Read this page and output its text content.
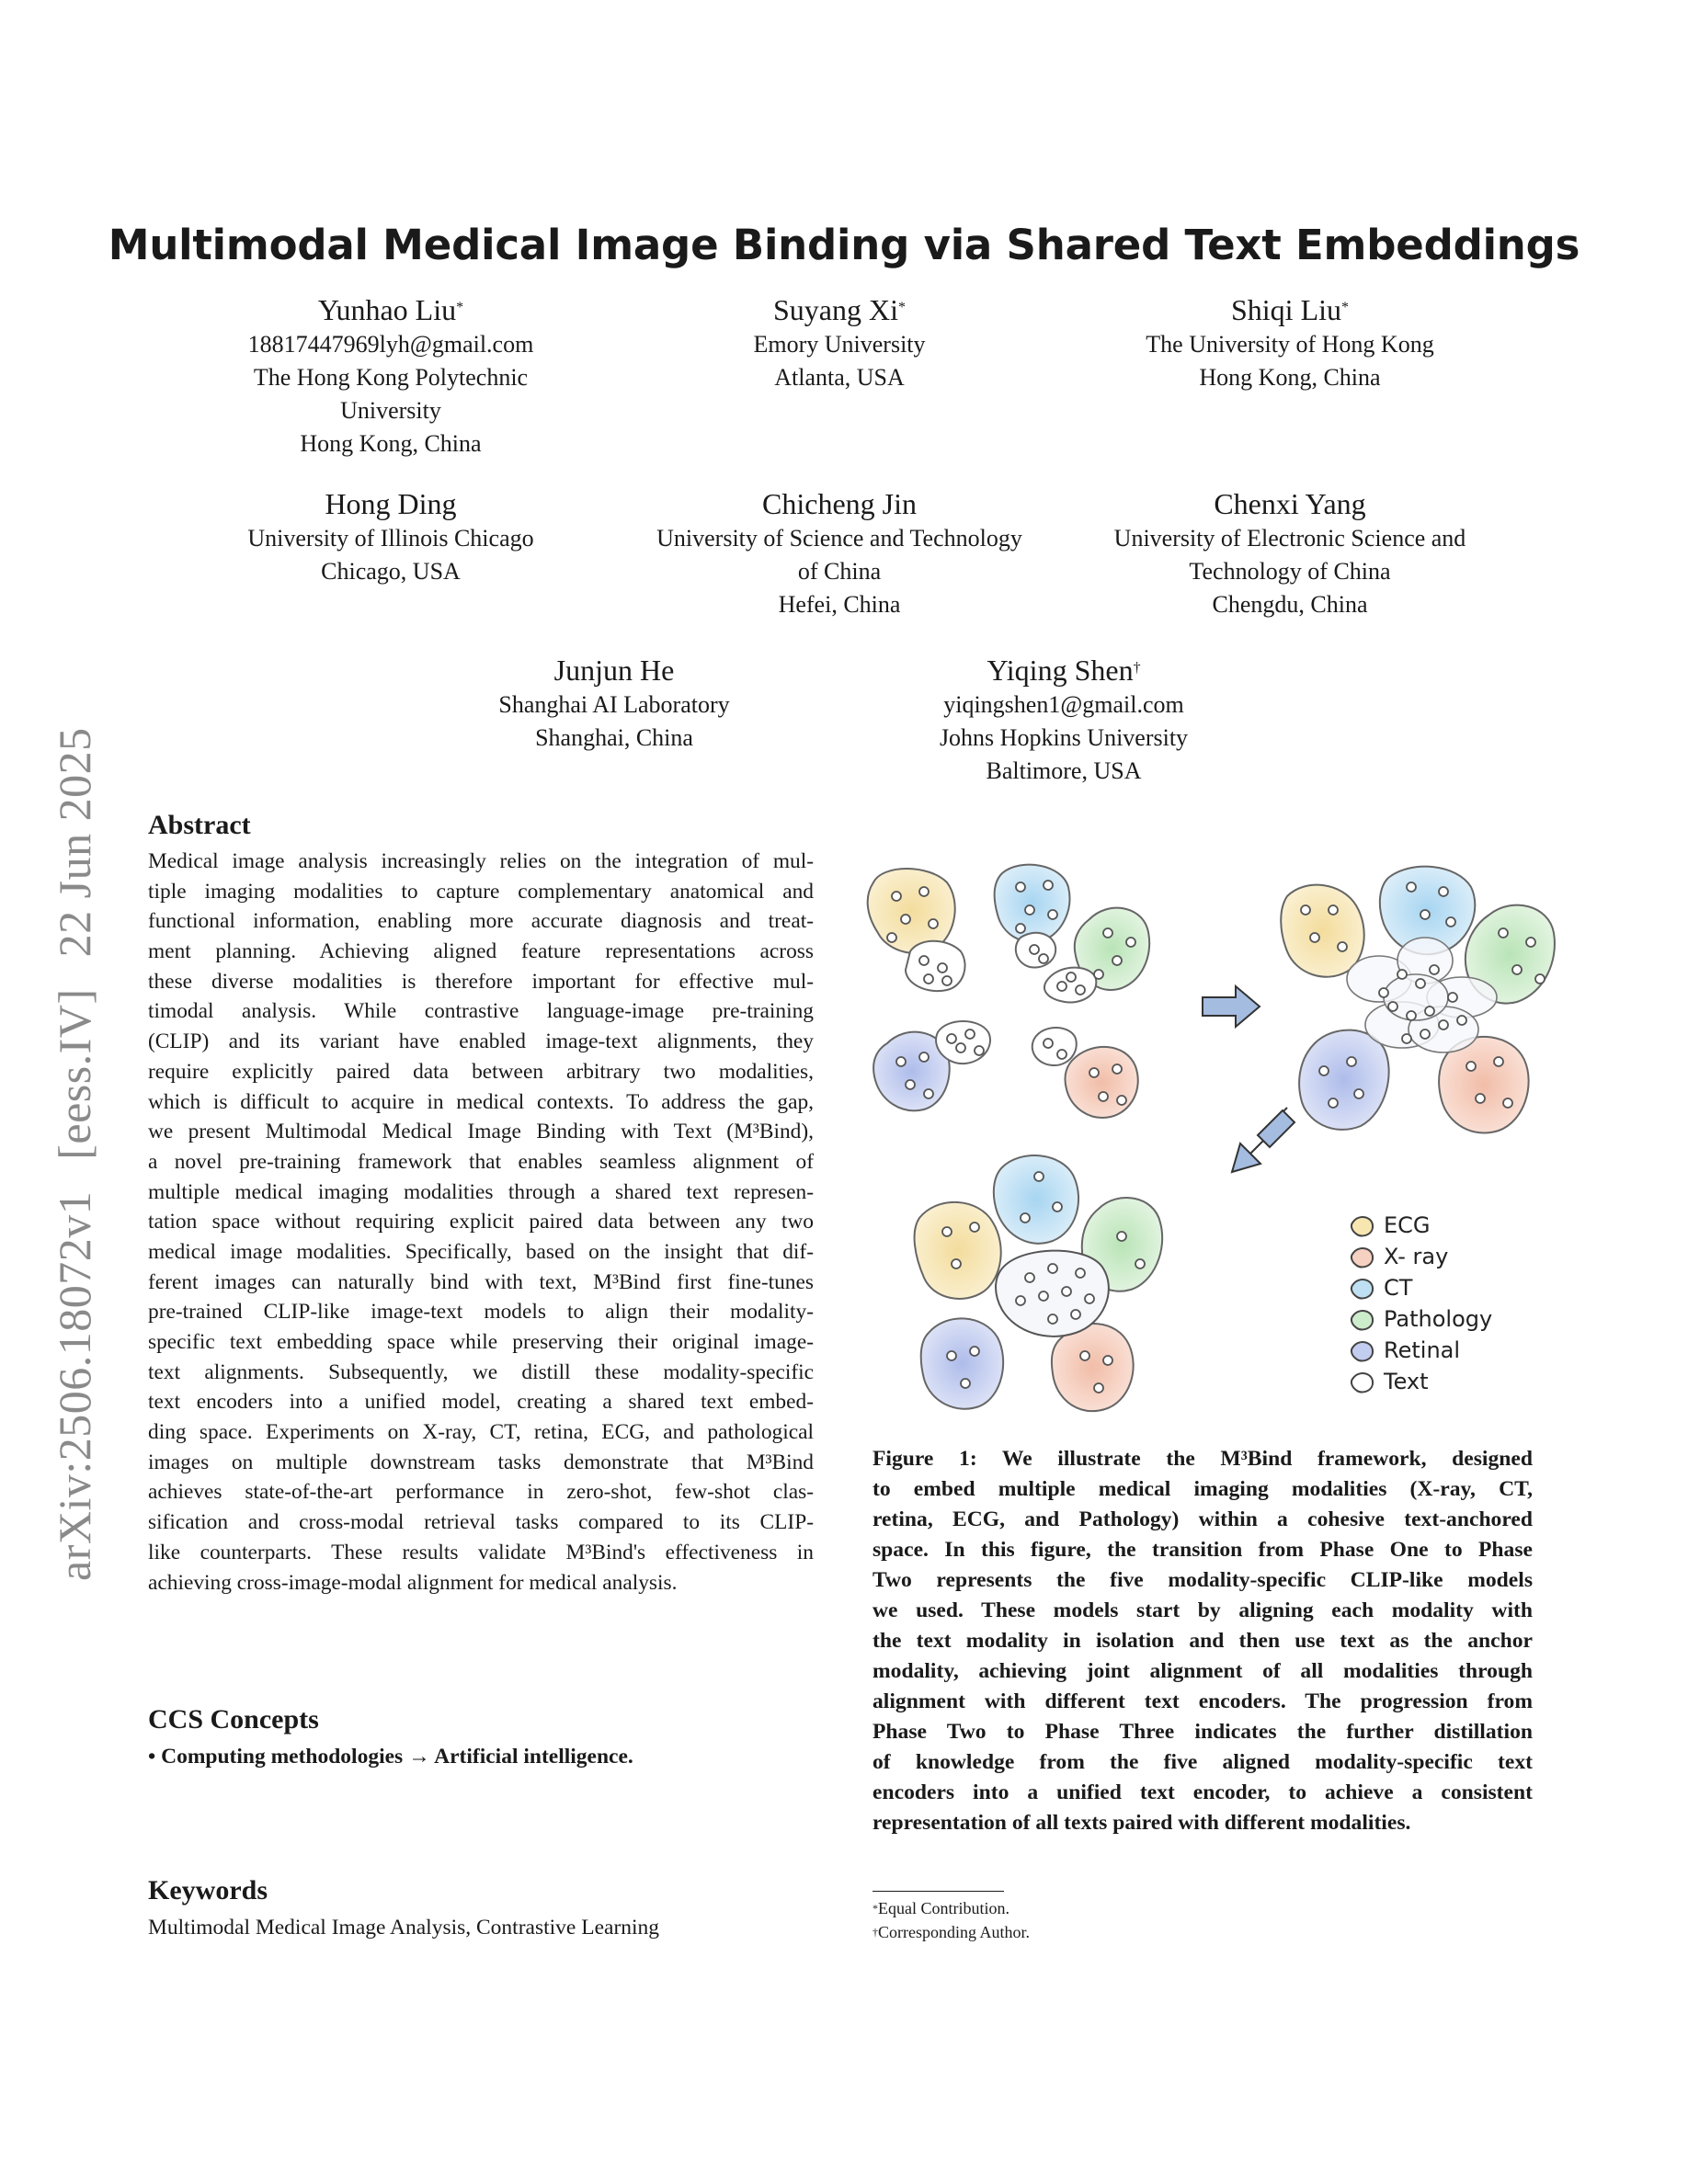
arXiv:2506.18072v1[eess.IV]22 Jun 2025
Multimodal Medical Image Binding via Shared Text Embeddings
Yunhao Liu*
18817447969lyh@gmail.com
The Hong Kong Polytechnic
University
Hong Kong, China
Suyang Xi*
Emory University
Atlanta, USA
Shiqi Liu*
The University of Hong Kong
Hong Kong, China
Hong Ding
University of Illinois Chicago
Chicago, USA
Chicheng Jin
University of Science and Technology
of China
Hefei, China
Chenxi Yang
University of Electronic Science and
Technology of China
Chengdu, China
Junjun He
Shanghai AI Laboratory
Shanghai, China
Yiqing Shen†
yiqingshen1@gmail.com
Johns Hopkins University
Baltimore, USA
Abstract
Medical image analysis increasingly relies on the integration of mul-
tiple imaging modalities to capture complementary anatomical and
functional information, enabling more accurate diagnosis and treat-
ment planning. Achieving aligned feature representations across
these diverse modalities is therefore important for effective mul-
timodal analysis. While contrastive language-image pre-training
(CLIP) and its variant have enabled image-text alignments, they
require explicitly paired data between arbitrary two modalities,
which is difficult to acquire in medical contexts. To address the gap,
we present Multimodal Medical Image Binding with Text (M³Bind),
a novel pre-training framework that enables seamless alignment of
multiple medical imaging modalities through a shared text represen-
tation space without requiring explicit paired data between any two
medical image modalities. Specifically, based on the insight that dif-
ferent images can naturally bind with text, M³Bind first fine-tunes
pre-trained CLIP-like image-text models to align their modality-
specific text embedding space while preserving their original image-
text alignments. Subsequently, we distill these modality-specific
text encoders into a unified model, creating a shared text embed-
ding space. Experiments on X-ray, CT, retina, ECG, and pathological
images on multiple downstream tasks demonstrate that M³Bind
achieves state-of-the-art performance in zero-shot, few-shot clas-
sification and cross-modal retrieval tasks compared to its CLIP-
like counterparts. These results validate M³Bind's effectiveness in
achieving cross-image-modal alignment for medical analysis.
CCS Concepts
• Computing methodologies → Artificial intelligence.
Keywords
Multimodal Medical Image Analysis, Contrastive Learning
ECG
X- ray
CT
Pathology
Retinal
Text
Figure 1: We illustrate the M³Bind framework, designed
to embed multiple medical imaging modalities (X-ray, CT,
retina, ECG, and Pathology) within a cohesive text-anchored
space. In this figure, the transition from Phase One to Phase
Two represents the five modality-specific CLIP-like models
we used. These models start by aligning each modality with
the text modality in isolation and then use text as the anchor
modality, achieving joint alignment of all modalities through
alignment with different text encoders. The progression from
Phase Two to Phase Three indicates the further distillation
of knowledge from the five aligned modality-specific text
encoders into a unified text encoder, to achieve a consistent
representation of all texts paired with different modalities.
*Equal Contribution.
†Corresponding Author.
